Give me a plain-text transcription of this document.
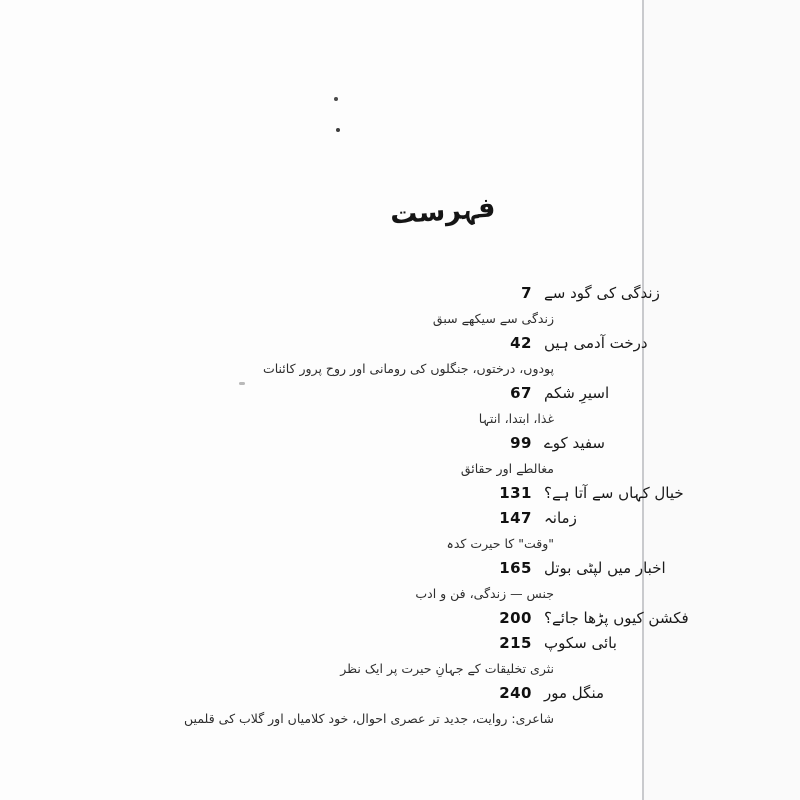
فہرست
7 زندگی کی گود سے
زندگی سے سیکھے سبق
42 درخت آدمی ہیں
پودوں، درختوں، جنگلوں کی رومانی اور روح پرور کائنات
67 اسیرِ شکم
غذا، ابتدا، انتہا
99 سفید کوے
مغالطے اور حقائق
131 خیال کہاں سے آتا ہے؟
147 زمانہ
"وقت" کا حیرت کدہ
165 اخبار میں لپٹی بوتل
جنس — زندگی، فن و ادب
200 فکشن کیوں پڑھا جائے؟
215 بائی سکوپ
نثری تخلیقات کے جہانِ حیرت پر ایک نظر
240 منگل مور
شاعری: روایت، جدید تر عصری احوال، خود کلامیاں اور گلاب کی قلمیں
